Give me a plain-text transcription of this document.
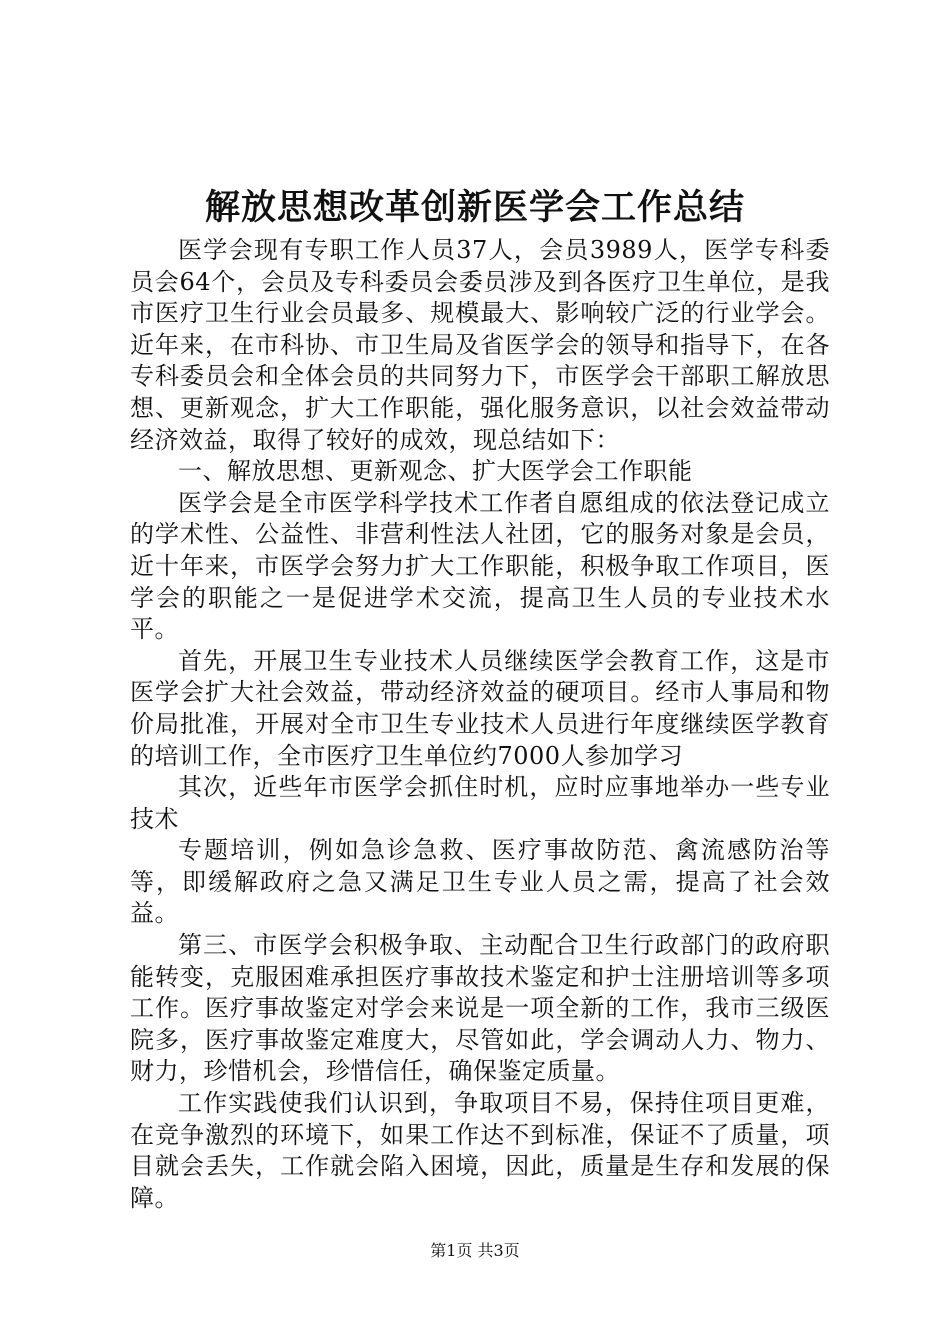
解放思想改革创新医学会工作总结

医学会现有专职工作人员37人，会员3989人，医学专科委员会64个，会员及专科委员会委员涉及到各医疗卫生单位，是我市医疗卫生行业会员最多、规模最大、影响较广泛的行业学会。近年来，在市科协、市卫生局及省医学会的领导和指导下，在各专科委员会和全体会员的共同努力下，市医学会干部职工解放思想、更新观念，扩大工作职能，强化服务意识，以社会效益带动经济效益，取得了较好的成效，现总结如下：

一、解放思想、更新观念、扩大医学会工作职能

医学会是全市医学科学技术工作者自愿组成的依法登记成立的学术性、公益性、非营利性法人社团，它的服务对象是会员，近十年来，市医学会努力扩大工作职能，积极争取工作项目，医学会的职能之一是促进学术交流，提高卫生人员的专业技术水平。

首先，开展卫生专业技术人员继续医学会教育工作，这是市医学会扩大社会效益，带动经济效益的硬项目。经市人事局和物价局批准，开展对全市卫生专业技术人员进行年度继续医学教育的培训工作，全市医疗卫生单位约7000人参加学习

其次，近些年市医学会抓住时机，应时应事地举办一些专业技术

专题培训，例如急诊急救、医疗事故防范、禽流感防治等等，即缓解政府之急又满足卫生专业人员之需，提高了社会效益。

第三、市医学会积极争取、主动配合卫生行政部门的政府职能转变，克服困难承担医疗事故技术鉴定和护士注册培训等多项工作。医疗事故鉴定对学会来说是一项全新的工作，我市三级医院多，医疗事故鉴定难度大，尽管如此，学会调动人力、物力、财力，珍惜机会，珍惜信任，确保鉴定质量。

工作实践使我们认识到，争取项目不易，保持住项目更难，在竞争激烈的环境下，如果工作达不到标准，保证不了质量，项目就会丢失，工作就会陷入困境，因此，质量是生存和发展的保障。

第1页 共3页
